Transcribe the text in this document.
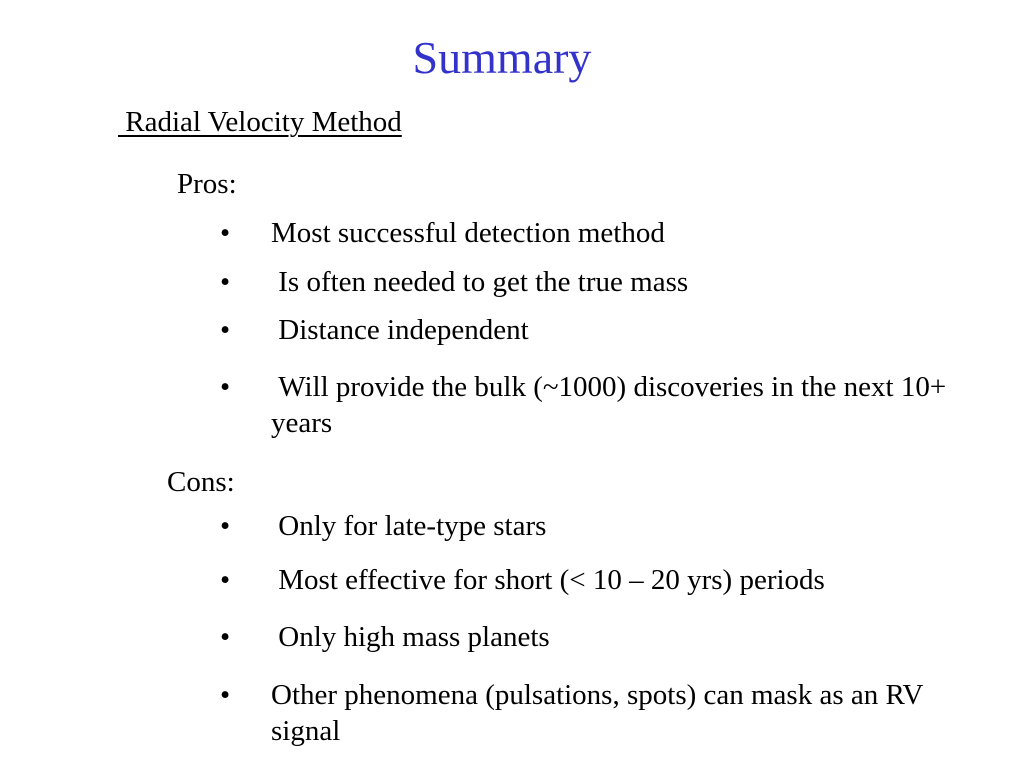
Summary
Radial Velocity Method
Pros:
•	Most successful detection method
•	Is often needed to get the true mass
•	Distance independent
•	Will provide the bulk (~1000) discoveries in the next 10+ years
Cons:
•	Only for late-type stars
•	Most effective for short (< 10 – 20 yrs) periods
•	Only high mass planets
•	Other phenomena (pulsations, spots) can mask as an RV signal
